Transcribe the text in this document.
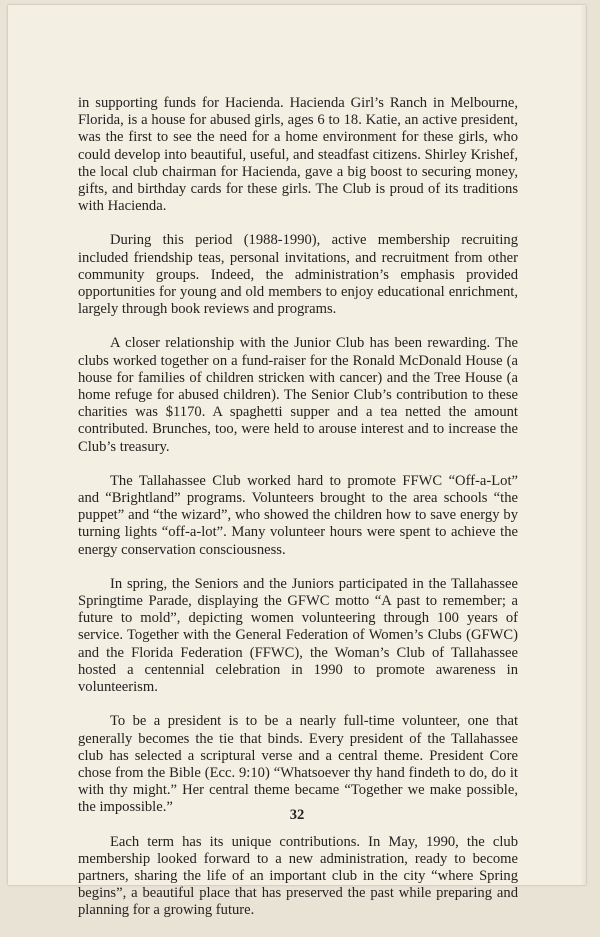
in supporting funds for Hacienda. Hacienda Girl’s Ranch in Melbourne, Florida, is a house for abused girls, ages 6 to 18. Katie, an active president, was the first to see the need for a home environment for these girls, who could develop into beautiful, useful, and steadfast citizens. Shirley Krishef, the local club chairman for Hacienda, gave a big boost to securing money, gifts, and birthday cards for these girls. The Club is proud of its traditions with Hacienda.

During this period (1988-1990), active membership recruiting included friendship teas, personal invitations, and recruitment from other community groups. Indeed, the administration’s emphasis provided opportunities for young and old members to enjoy educational enrichment, largely through book reviews and programs.

A closer relationship with the Junior Club has been rewarding. The clubs worked together on a fund-raiser for the Ronald McDonald House (a house for families of children stricken with cancer) and the Tree House (a home refuge for abused children). The Senior Club’s contribution to these charities was $1170. A spaghetti supper and a tea netted the amount contributed. Brunches, too, were held to arouse interest and to increase the Club’s treasury.

The Tallahassee Club worked hard to promote FFWC “Off-a-Lot” and “Brightland” programs. Volunteers brought to the area schools “the puppet” and “the wizard”, who showed the children how to save energy by turning lights “off-a-lot”. Many volunteer hours were spent to achieve the energy conservation consciousness.

In spring, the Seniors and the Juniors participated in the Tallahassee Springtime Parade, displaying the GFWC motto “A past to remember; a future to mold”, depicting women volunteering through 100 years of service. Together with the General Federation of Women’s Clubs (GFWC) and the Florida Federation (FFWC), the Woman’s Club of Tallahassee hosted a centennial celebration in 1990 to promote awareness in volunteerism.

To be a president is to be a nearly full-time volunteer, one that generally becomes the tie that binds. Every president of the Tallahassee club has selected a scriptural verse and a central theme. President Core chose from the Bible (Ecc. 9:10) “Whatsoever thy hand findeth to do, do it with thy might.” Her central theme became “Together we make possible, the impossible.”

Each term has its unique contributions. In May, 1990, the club membership looked forward to a new administration, ready to become partners, sharing the life of an important club in the city “where Spring begins”, a beautiful place that has preserved the past while preparing and planning for a growing future.

32
